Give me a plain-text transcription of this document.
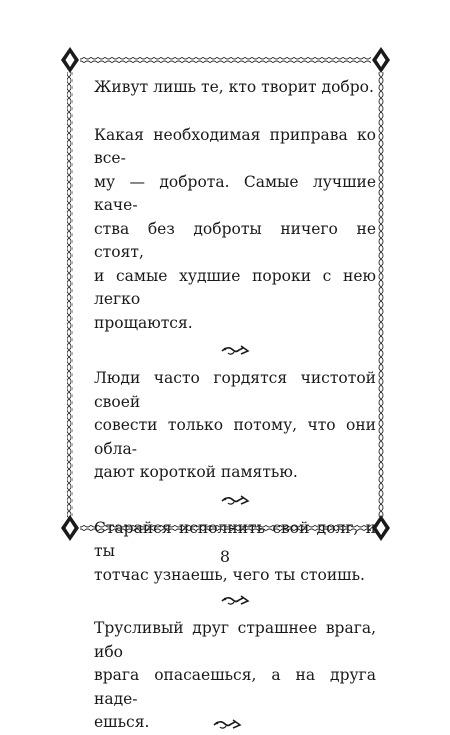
Живут лишь те, кто творит добро.

Какая необходимая приправа ко все-
му — доброта. Самые лучшие каче-
ства без доброты ничего не стоят,
и самые худшие пороки с нею легко
прощаются.

Люди часто гордятся чистотой своей
совести только потому, что они обла-
дают короткой памятью.

Старайся исполнить свой долг, и ты
тотчас узнаешь, чего ты стоишь.

Трусливый друг страшнее врага, ибо
врага опасаешься, а на друга наде-
ешься.

8
